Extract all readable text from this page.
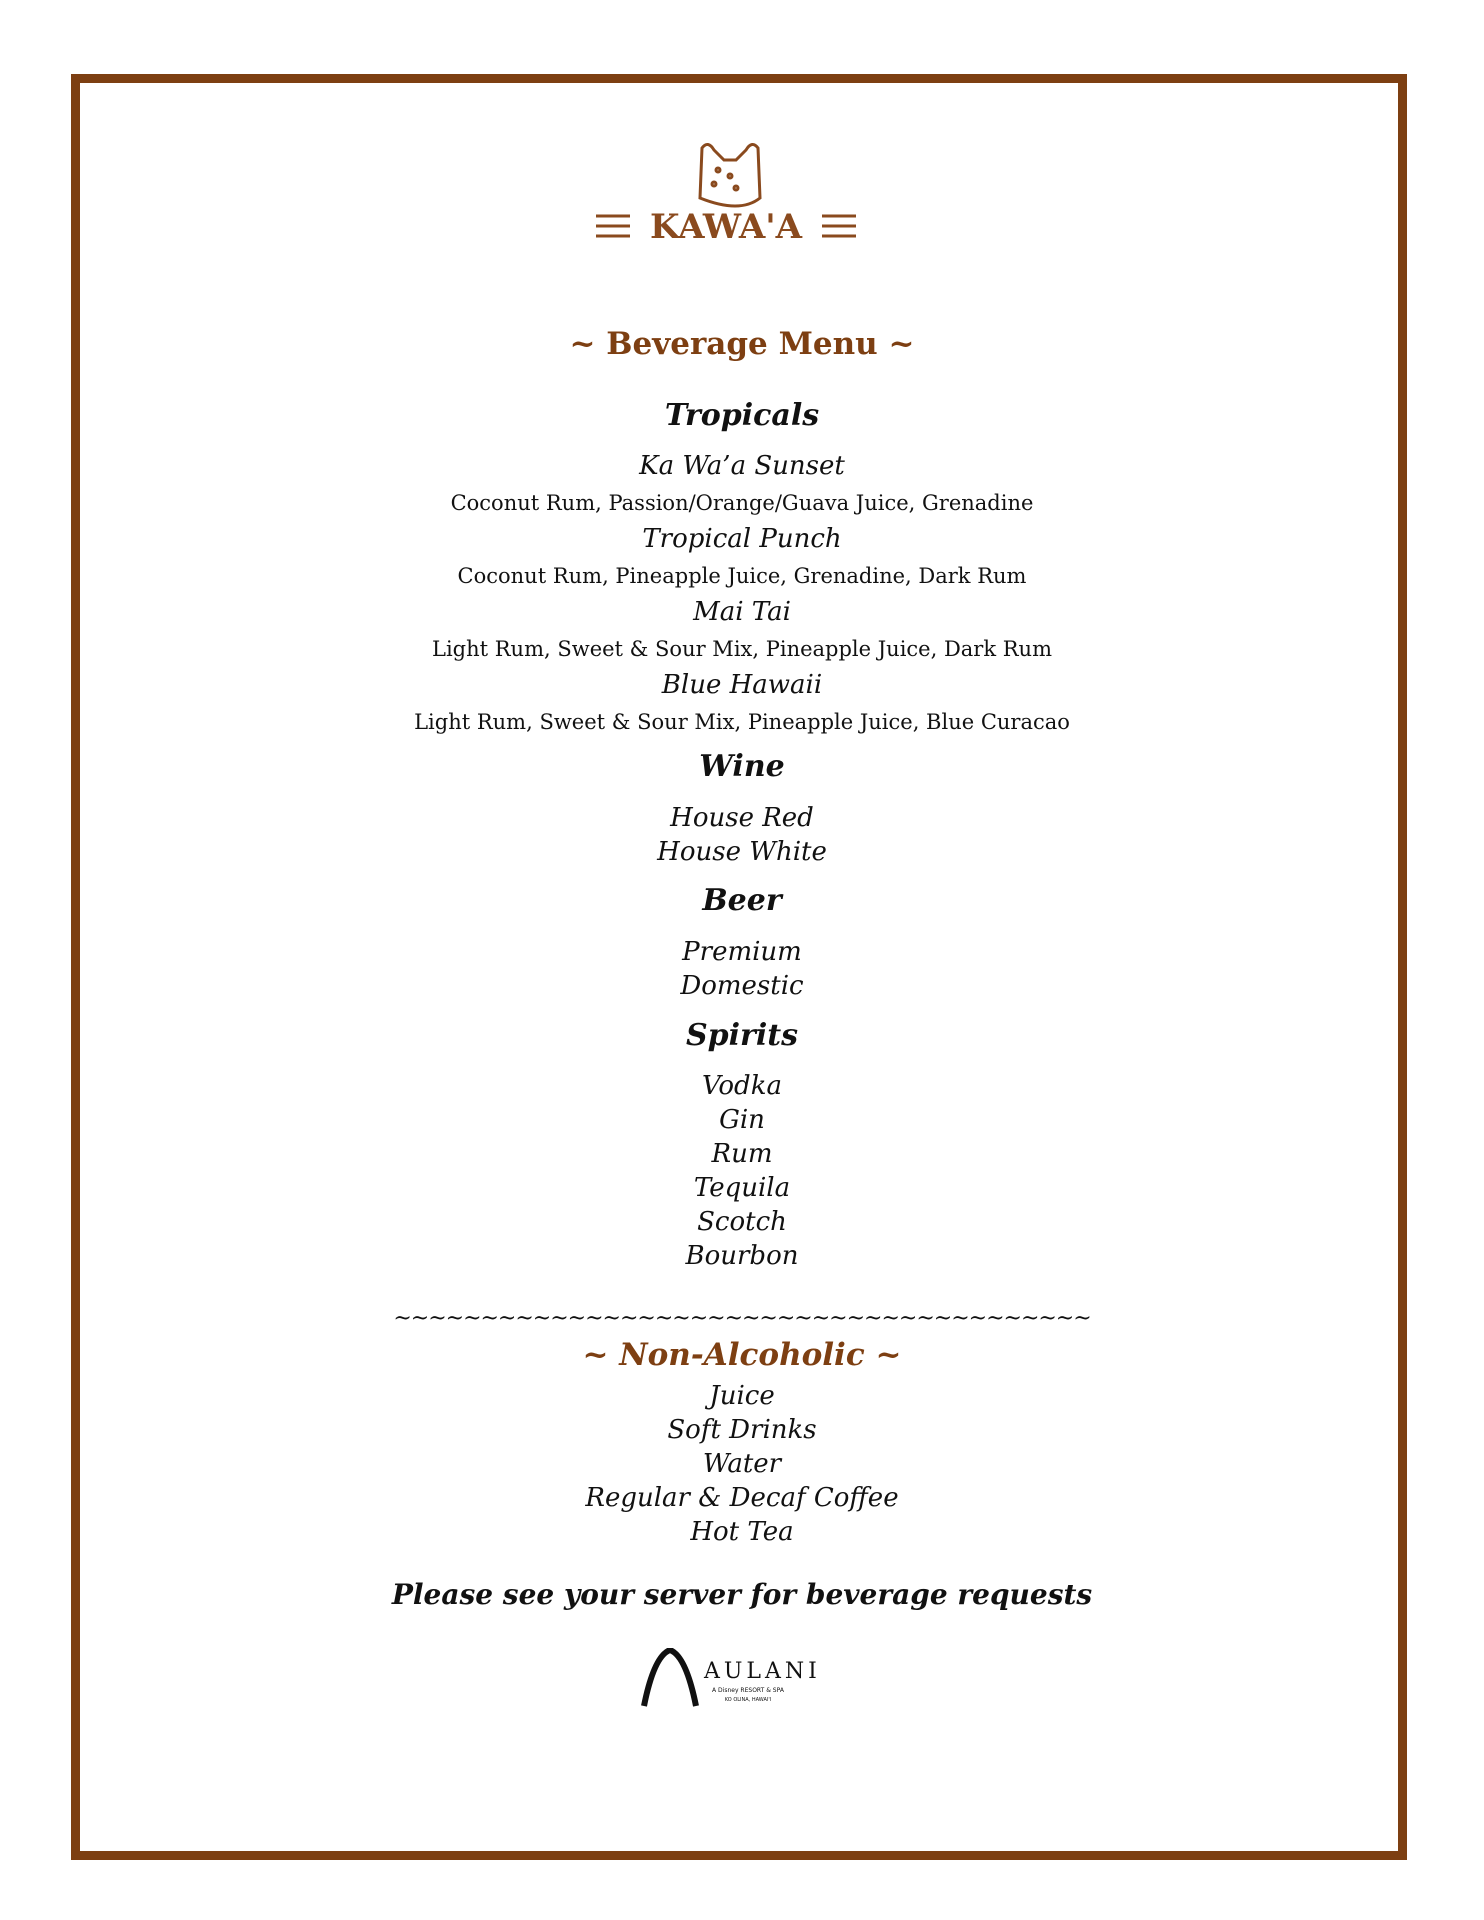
KAWA'A
~ Beverage Menu ~
Tropicals
Ka Wa’a Sunset
Coconut Rum, Passion/Orange/Guava Juice, Grenadine
Tropical Punch
Coconut Rum, Pineapple Juice, Grenadine, Dark Rum
Mai Tai
Light Rum, Sweet & Sour Mix, Pineapple Juice, Dark Rum
Blue Hawaii
Light Rum, Sweet & Sour Mix, Pineapple Juice, Blue Curacao
Wine
House Red
House White
Beer
Premium
Domestic
Spirits
Vodka
Gin
Rum
Tequila
Scotch
Bourbon
~~~~~~~~~~~~~~~~~~~~~~~~~~~~~~~~~~~~~~~~
~ Non-Alcoholic ~
Juice
Soft Drinks
Water
Regular & Decaf Coffee
Hot Tea
Please see your server for beverage requests
AULANI
A Disney RESORT & SPA
KO OLINA, HAWAI'I
